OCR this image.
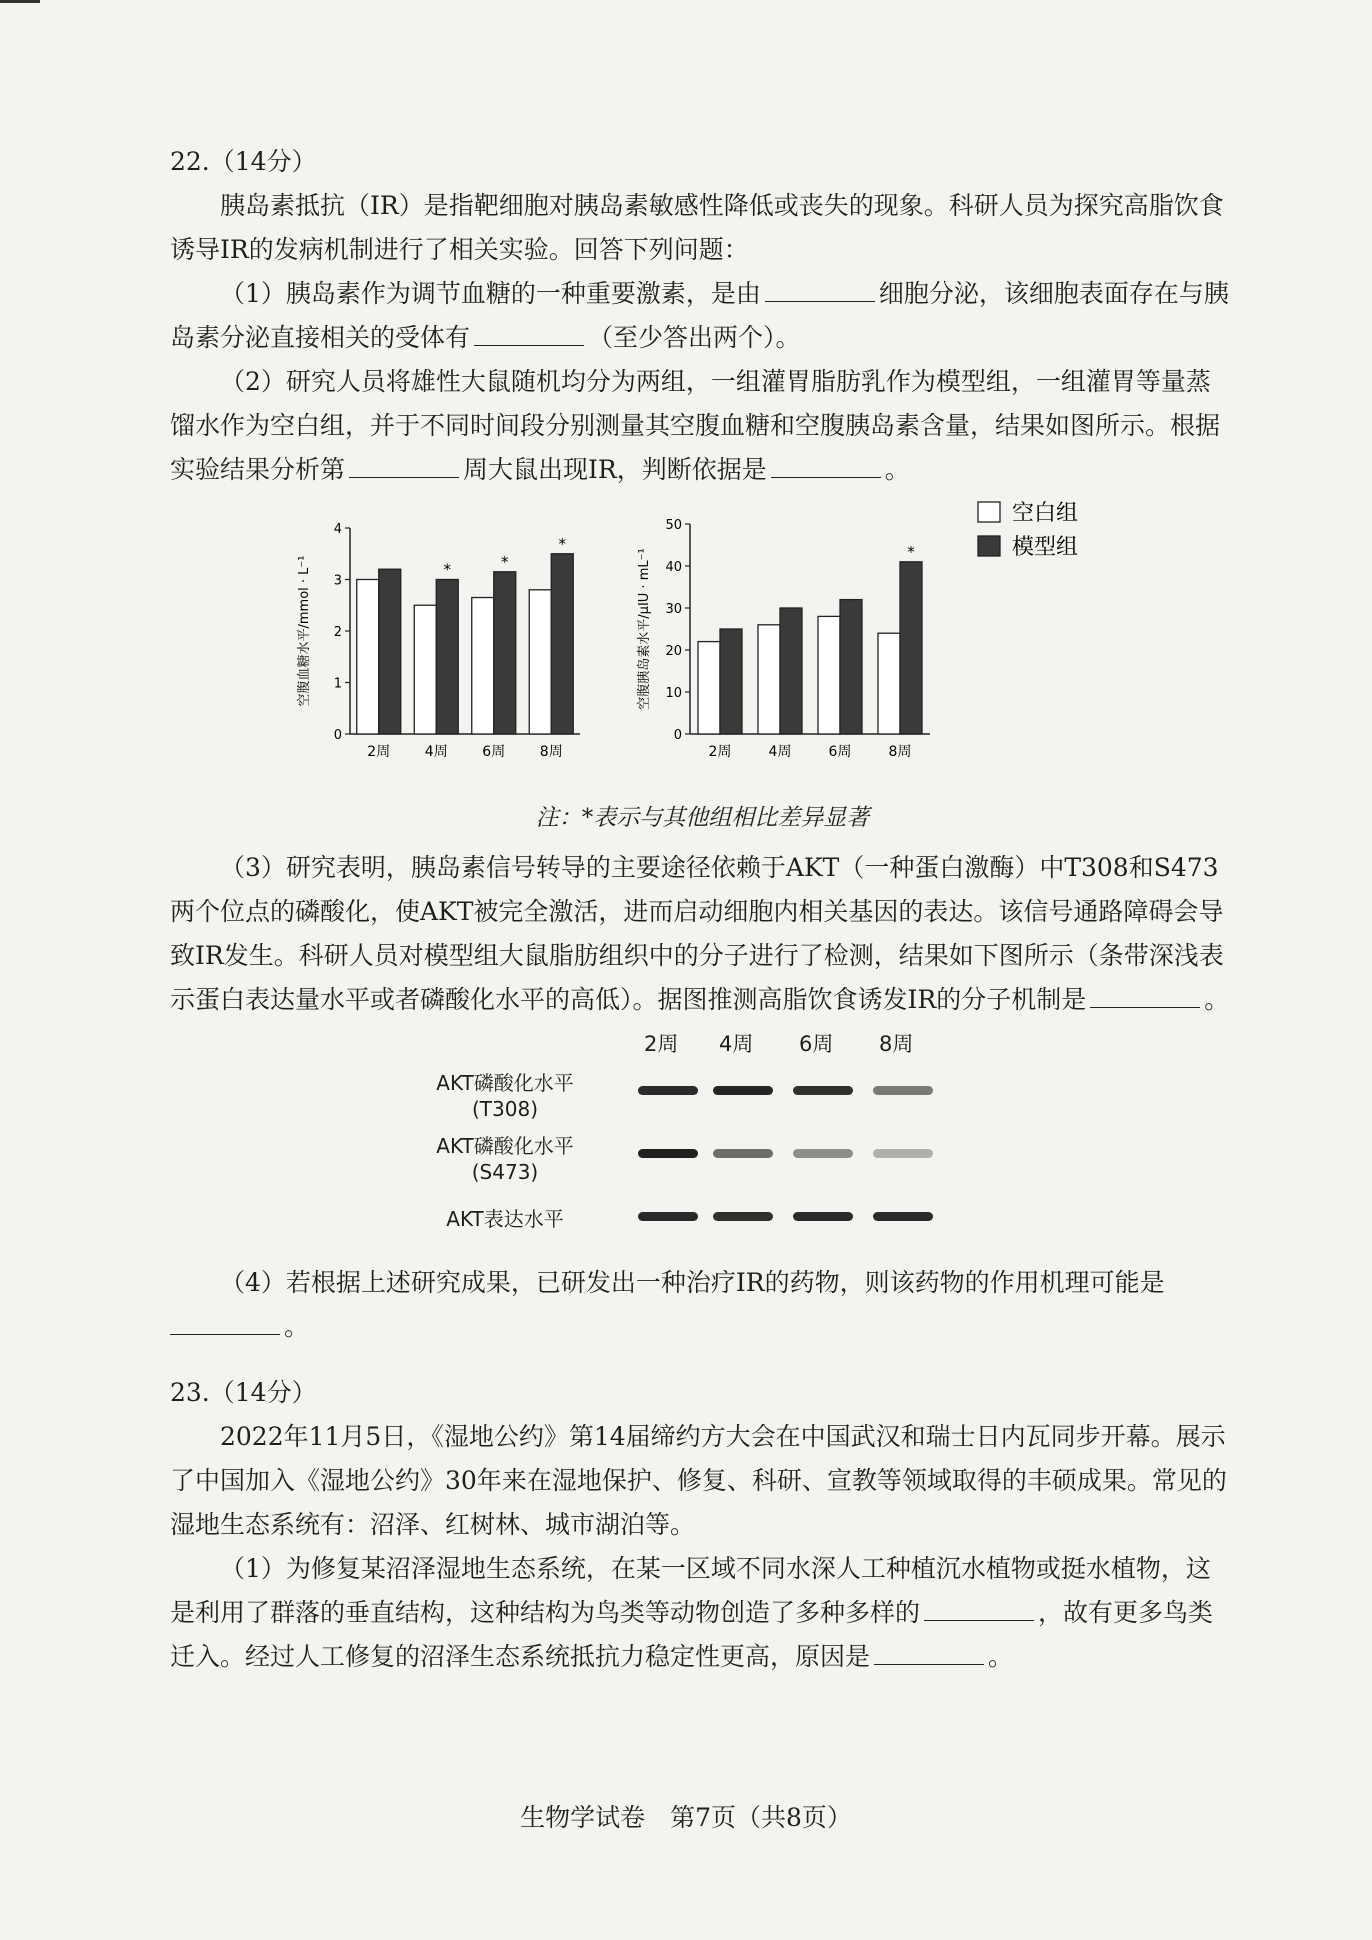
22.（14分）

胰岛素抵抗（IR）是指靶细胞对胰岛素敏感性降低或丧失的现象。科研人员为探究高脂饮食诱导IR的发病机制进行了相关实验。回答下列问题：

（1）胰岛素作为调节血糖的一种重要激素，是由	细胞分泌，该细胞表面存在与胰岛素分泌直接相关的受体有	（至少答出两个）。

（2）研究人员将雄性大鼠随机均分为两组，一组灌胃脂肪乳作为模型组，一组灌胃等量蒸馏水作为空白组，并于不同时间段分别测量其空腹血糖和空腹胰岛素含量，结果如图所示。根据实验结果分析第	周大鼠出现IR，判断依据是	。

0
1
2
3
4
空腹血糖水平/mmol · L⁻¹
2周
*
4周
*
6周
*
8周
0
10
20
30
40
50
空腹胰岛素水平/μIU · mL⁻¹
2周	4周	6周
*
8周
空白组
模型组

注：*表示与其他组相比差异显著

（3）研究表明，胰岛素信号转导的主要途径依赖于AKT（一种蛋白激酶）中T308和S473两个位点的磷酸化，使AKT被完全激活，进而启动细胞内相关基因的表达。该信号通路障碍会导致IR发生。科研人员对模型组大鼠脂肪组织中的分子进行了检测，结果如下图所示（条带深浅表示蛋白表达量水平或者磷酸化水平的高低）。据图推测高脂饮食诱发IR的分子机制是	。

2周 4周 6周 8周
AKT磷酸化水平
(T308)
AKT磷酸化水平
(S473)
AKT表达水平

（4）若根据上述研究成果，已研发出一种治疗IR的药物，则该药物的作用机理可能是
。

23.（14分）

2022年11月5日，《湿地公约》第14届缔约方大会在中国武汉和瑞士日内瓦同步开幕。展示了中国加入《湿地公约》30年来在湿地保护、修复、科研、宣教等领域取得的丰硕成果。常见的湿地生态系统有：沼泽、红树林、城市湖泊等。

（1）为修复某沼泽湿地生态系统，在某一区域不同水深人工种植沉水植物或挺水植物，这是利用了群落的垂直结构，这种结构为鸟类等动物创造了多种多样的	，故有更多鸟类迁入。经过人工修复的沼泽生态系统抵抗力稳定性更高，原因是	。

生物学试卷　第7页（共8页）
